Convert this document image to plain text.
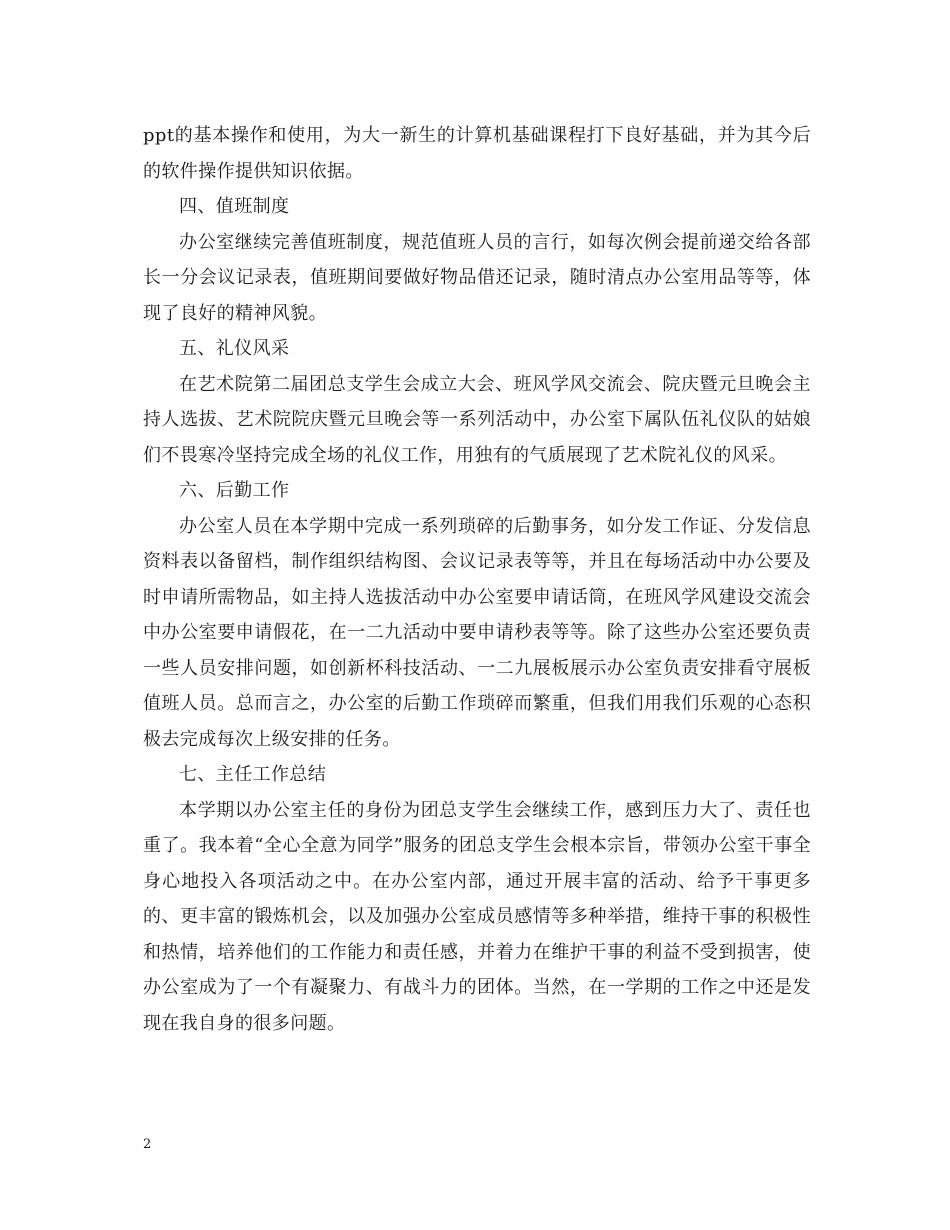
ppt的基本操作和使用，为大一新生的计算机基础课程打下良好基础，并为其今后的软件操作提供知识依据。

四、值班制度

办公室继续完善值班制度，规范值班人员的言行，如每次例会提前递交给各部长一分会议记录表，值班期间要做好物品借还记录，随时清点办公室用品等等，体现了良好的精神风貌。

五、礼仪风采

在艺术院第二届团总支学生会成立大会、班风学风交流会、院庆暨元旦晚会主持人选拔、艺术院院庆暨元旦晚会等一系列活动中，办公室下属队伍礼仪队的姑娘们不畏寒冷坚持完成全场的礼仪工作，用独有的气质展现了艺术院礼仪的风采。

六、后勤工作

办公室人员在本学期中完成一系列琐碎的后勤事务，如分发工作证、分发信息资料表以备留档，制作组织结构图、会议记录表等等，并且在每场活动中办公要及时申请所需物品，如主持人选拔活动中办公室要申请话筒，在班风学风建设交流会中办公室要申请假花，在一二九活动中要申请秒表等等。除了这些办公室还要负责一些人员安排问题，如创新杯科技活动、一二九展板展示办公室负责安排看守展板值班人员。总而言之，办公室的后勤工作琐碎而繁重，但我们用我们乐观的心态积极去完成每次上级安排的任务。

七、主任工作总结

本学期以办公室主任的身份为团总支学生会继续工作，感到压力大了、责任也重了。我本着“全心全意为同学”服务的团总支学生会根本宗旨，带领办公室干事全身心地投入各项活动之中。在办公室内部，通过开展丰富的活动、给予干事更多的、更丰富的锻炼机会，以及加强办公室成员感情等多种举措，维持干事的积极性和热情，培养他们的工作能力和责任感，并着力在维护干事的利益不受到损害，使办公室成为了一个有凝聚力、有战斗力的团体。当然，在一学期的工作之中还是发现在我自身的很多问题。

2
